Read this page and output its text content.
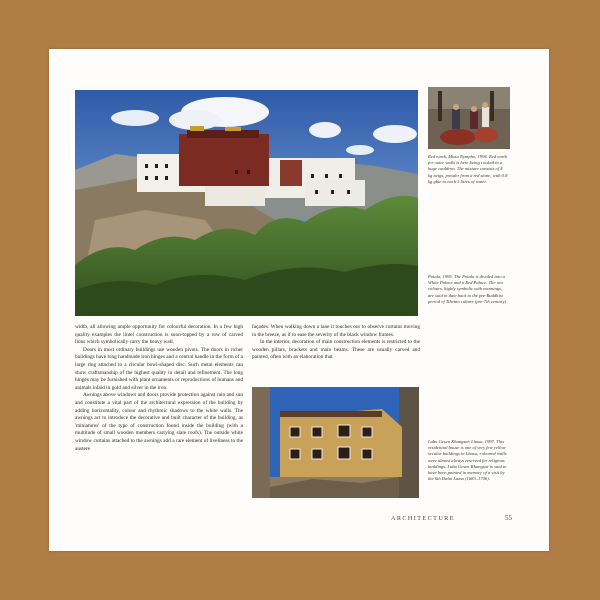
Red earth, Mitsu Nympho, 1994. Red earth for outer walls is here being cooked in a huge cauldron. The mixture consists of 4 kg twigs, powder from a red stone, with 0.8 kg glue to each 3 litres of water.
Potala, 1995. The Potala is divided into a White Palace and a Red Palace. The two colours, highly symbolic with meanings, are said to date back to the pre-Buddhist period of Tibetan culture (pre-7th century).
Lubu Gesen Khangsar, Lhasa, 1997. This residential house is one of very few yellow secular buildings in Lhasa; coloured walls were almost always reserved for religious buildings. Lubu Gesen Khangsar is said to have been painted in memory of a visit by the 6th Dalai Lama (1683–1706).

width, all allowing ample opportunity for colourful decoration. In a few high quality examples the lintel construction is soon-topped by a row of carved lions which symbolically carry the heavy wall.

Doors in most ordinary buildings use wooden pivots. The doors in richer buildings have long handmade iron hinges and a central handle in the form of a large ring attached to a circular bowl-shaped disc. Such metal elements can show craftsmanship of the highest quality in detail and refinement. The long hinges may be furnished with plant ornaments or reproductions of humans and animals inlaid in gold and silver in the iron.

Awnings above windows and doors provide protection against rain and sun and constitute a vital part of the architectural expression of the building by adding horizontality, colour and rhythmic shadows to the white walls. The awnings act to introduce the decorative and built character of the building, as 'miniatures' of the type of construction found inside the building (with a multitude of small wooden members carrying slate roofs). The outside white window curtains attached to the awnings add a rare element of liveliness to the austere

façades. When walking down a lane it touches our to observe curtains moving in the breeze, as if to ease the severity of the black window frames.

In the interior, decoration of main construction elements is restricted to the wooden pillars, brackets and main beams. These are usually carved and painted, often with an elaboration that

ARCHITECTURE	55
